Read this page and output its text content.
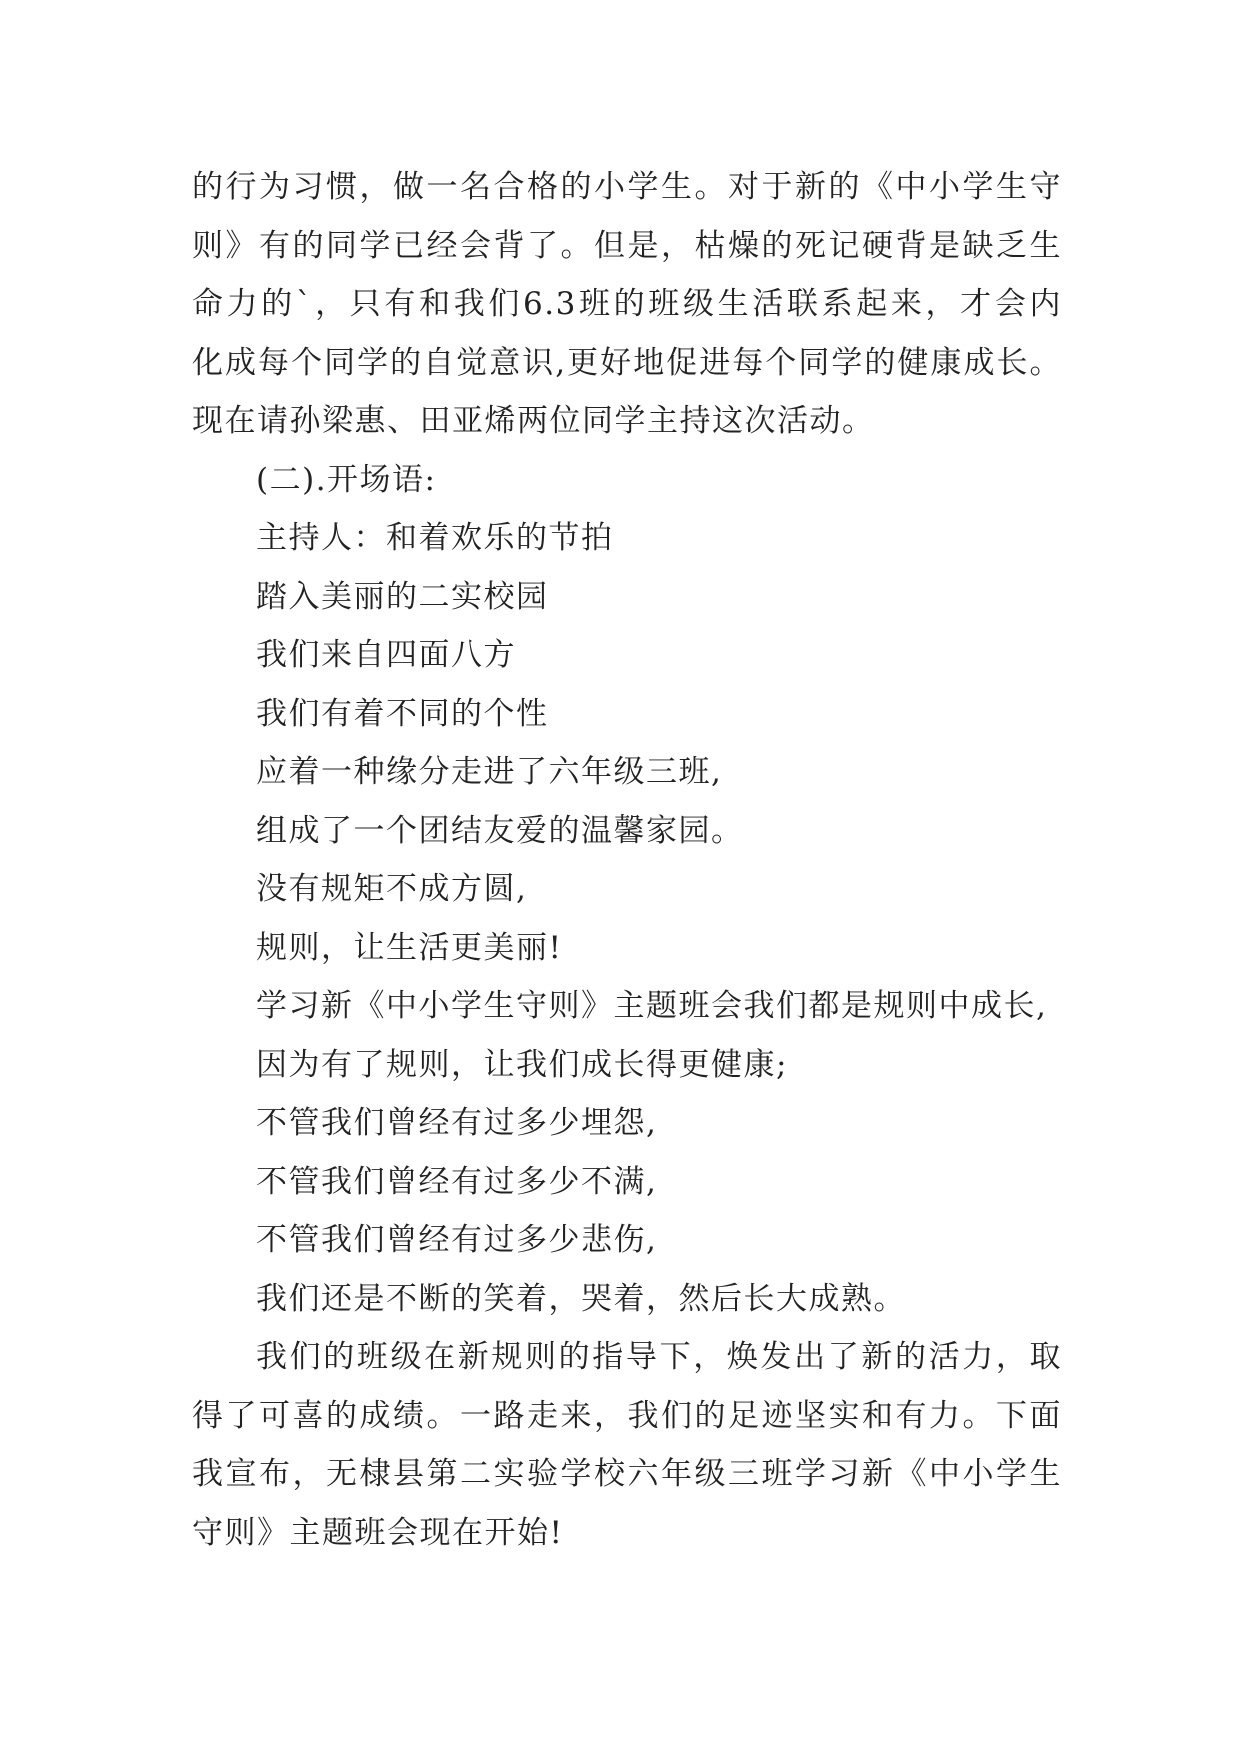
的行为习惯，做一名合格的小学生。对于新的《中小学生守
则》有的同学已经会背了。但是，枯燥的死记硬背是缺乏生
命力的`，只有和我们6.3班的班级生活联系起来，才会内
化成每个同学的自觉意识,更好地促进每个同学的健康成长。
现在请孙梁惠、田亚烯两位同学主持这次活动。
(二).开场语:
主持人：和着欢乐的节拍
踏入美丽的二实校园
我们来自四面八方
我们有着不同的个性
应着一种缘分走进了六年级三班,
组成了一个团结友爱的温馨家园。
没有规矩不成方圆,
规则，让生活更美丽!
学习新《中小学生守则》主题班会我们都是规则中成长,
因为有了规则，让我们成长得更健康;
不管我们曾经有过多少埋怨,
不管我们曾经有过多少不满,
不管我们曾经有过多少悲伤,
我们还是不断的笑着，哭着，然后长大成熟。
我们的班级在新规则的指导下，焕发出了新的活力，取
得了可喜的成绩。一路走来，我们的足迹坚实和有力。下面
我宣布，无棣县第二实验学校六年级三班学习新《中小学生
守则》主题班会现在开始!
